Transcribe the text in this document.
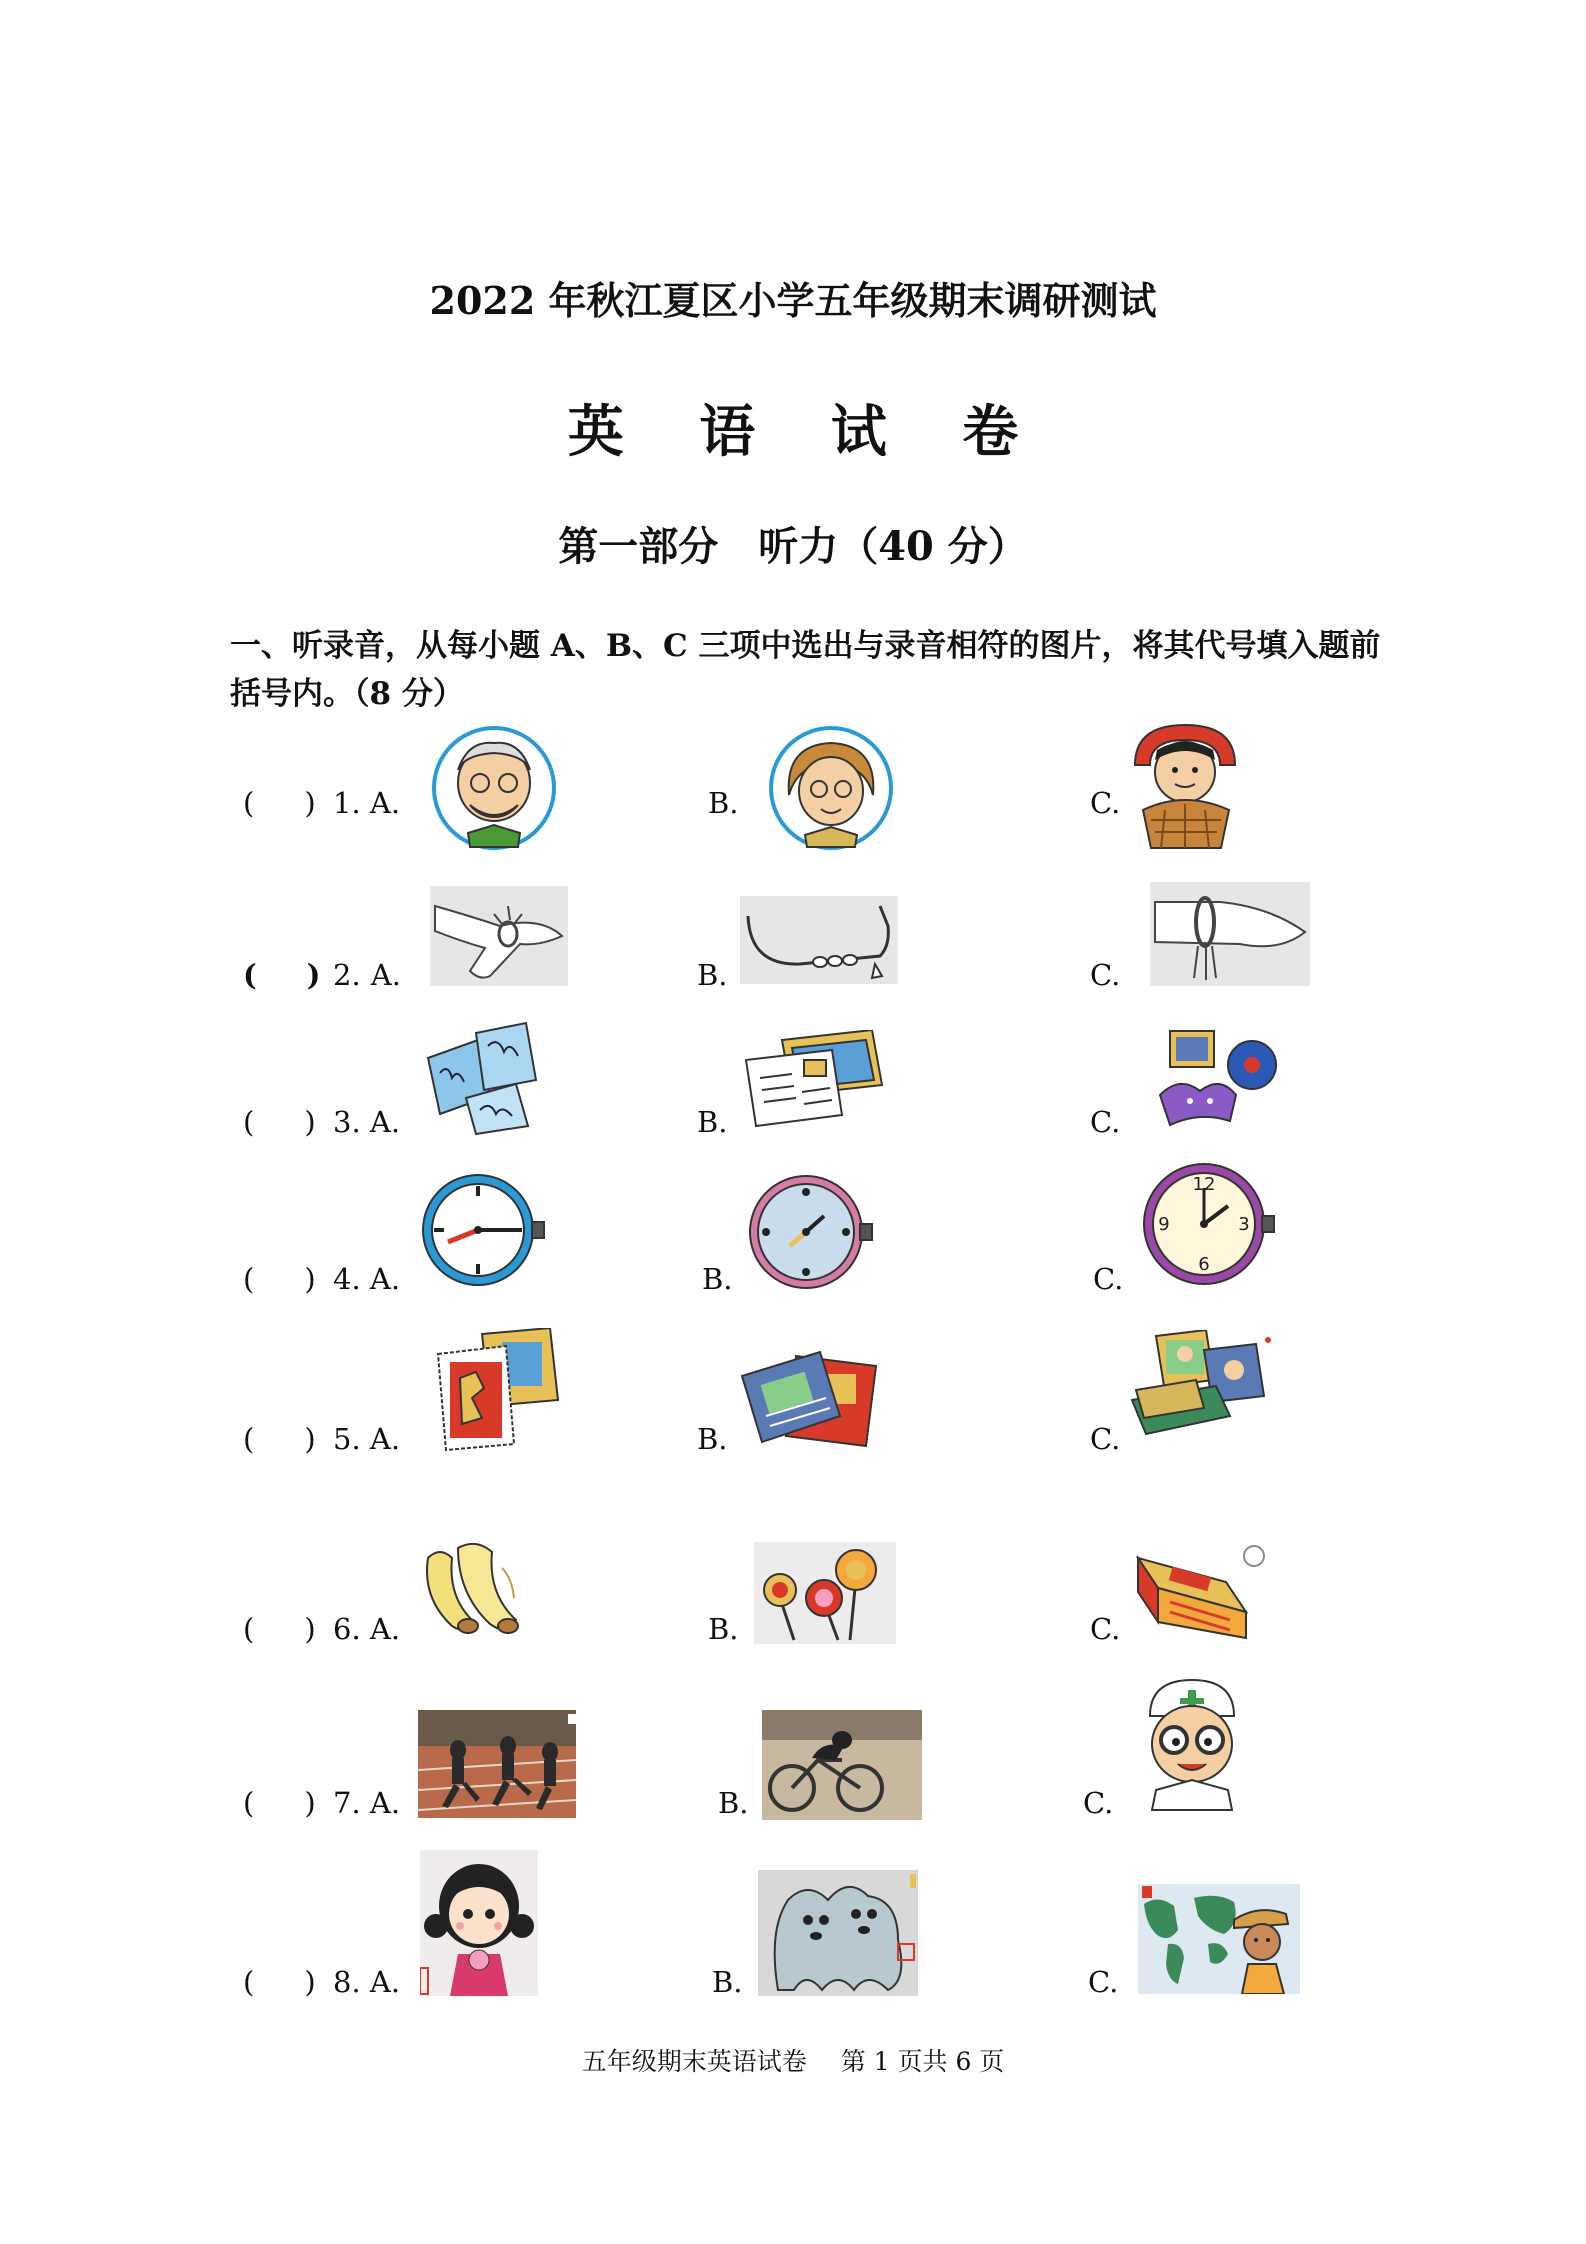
2022 年秋江夏区小学五年级期末调研测试
英 语 试 卷
第一部分 听力（40 分）
一、听录音，从每小题 A、B、C 三项中选出与录音相符的图片，将其代号填入题前括号内。（8 分）
( ) 1. A.	B.	C.
( ) 2. A.	B.	C.
( ) 3. A.	B.	C.
( ) 4. A.	B.	C.
12
3
6
9
( ) 5. A.	B.	C.
( ) 6. A.	B.	C.
( ) 7. A.	B.	C.
( ) 8. A.	B.	C.
五年级期末英语试卷 第 1 页共 6 页
